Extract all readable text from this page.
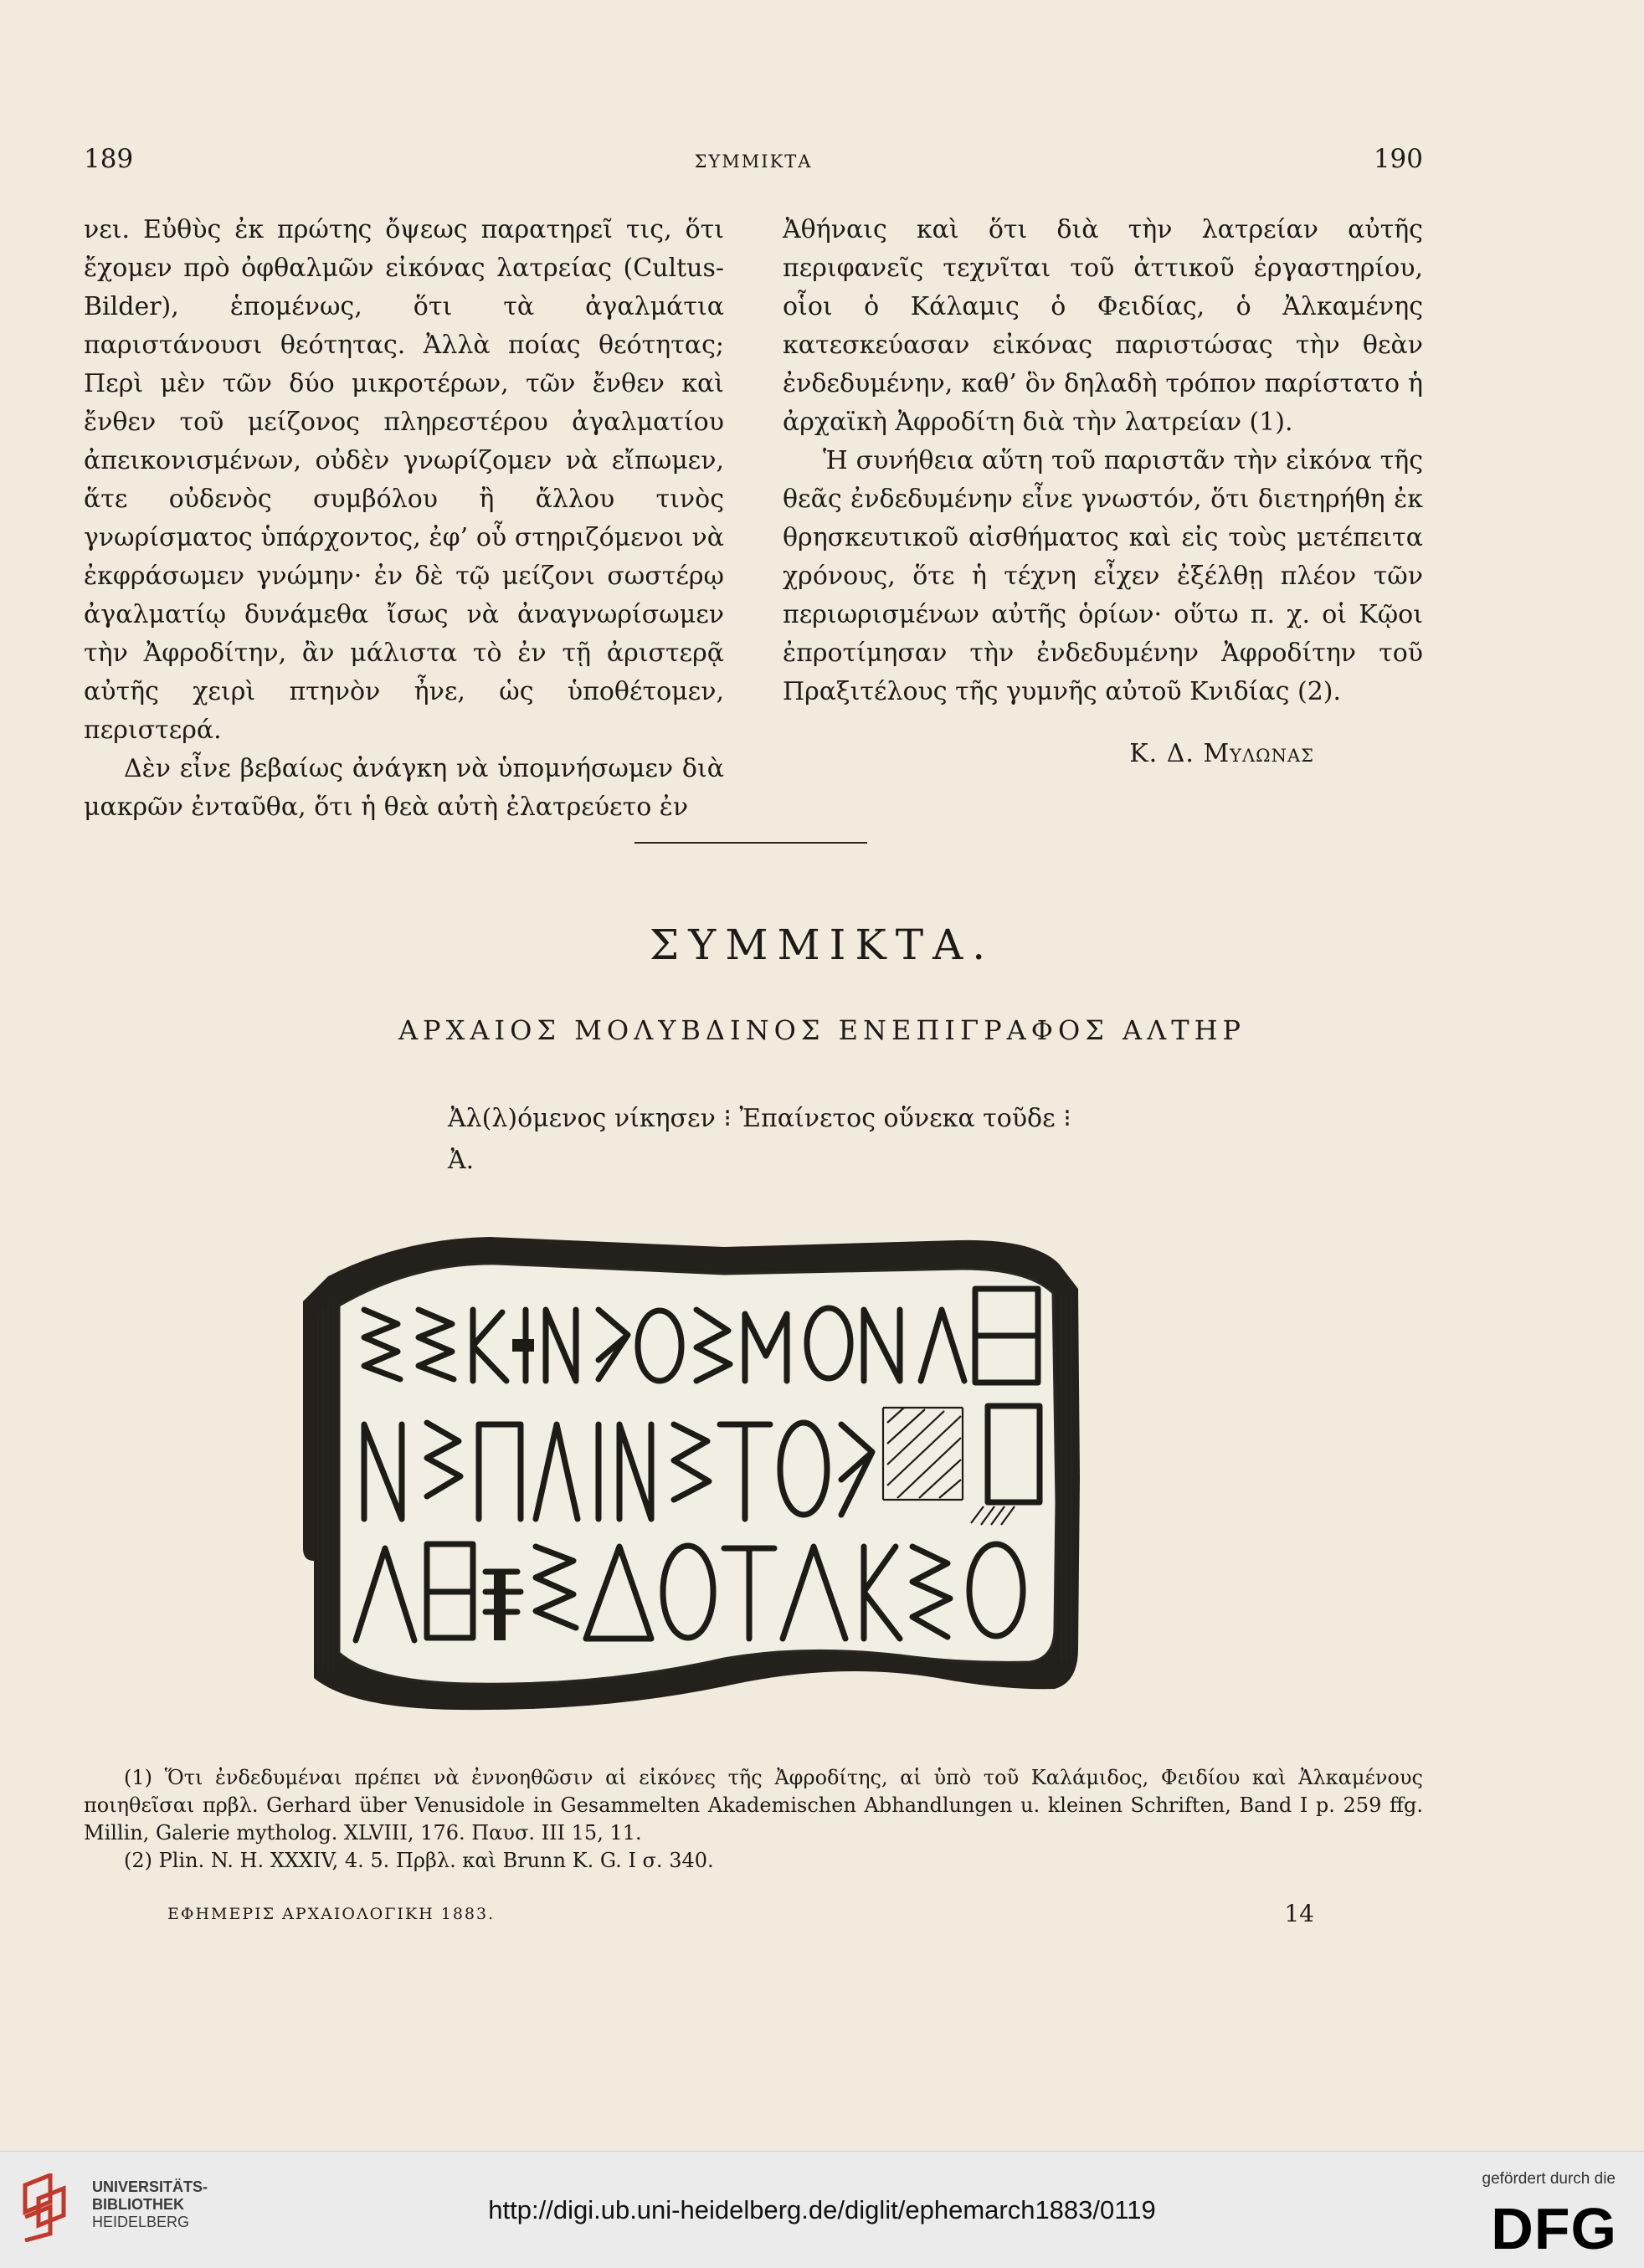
189	ΣΥΜΜΙΚΤΑ	190

νει. Εὐθὺς ἐκ πρώτης ὄψεως παρατηρεῖ τις, ὅτι ἔχομεν πρὸ ὀφθαλμῶν εἰκόνας λατρείας (Cultus-Bilder), ἑπομένως, ὅτι τὰ ἀγαλμάτια παριστάνουσι θεότητας. Ἀλλὰ ποίας θεότητας; Περὶ μὲν τῶν δύο μικροτέρων, τῶν ἔνθεν καὶ ἔνθεν τοῦ μείζονος πληρεστέρου ἀγαλματίου ἀπεικονισμένων, οὐδὲν γνωρίζομεν νὰ εἴπωμεν, ἅτε οὐδενὸς συμβόλου ἢ ἄλλου τινὸς γνωρίσματος ὑπάρχοντος, ἐφ’ οὗ στηριζόμενοι νὰ ἐκφράσωμεν γνώμην· ἐν δὲ τῷ μείζονι σωστέρῳ ἀγαλματίῳ δυνάμεθα ἴσως νὰ ἀναγνωρίσωμεν τὴν Ἀφροδίτην, ἂν μάλιστα τὸ ἐν τῇ ἀριστερᾷ αὐτῆς χειρὶ πτηνὸν ἦνε, ὡς ὑποθέτομεν, περιστερά.

Δὲν εἶνε βεβαίως ἀνάγκη νὰ ὑπομνήσωμεν διὰ μακρῶν ἐνταῦθα, ὅτι ἡ θεὰ αὐτὴ ἐλατρεύετο ἐν

Ἀθήναις καὶ ὅτι διὰ τὴν λατρείαν αὐτῆς περιφανεῖς τεχνῖται τοῦ ἀττικοῦ ἐργαστηρίου, οἷοι ὁ Κάλαμις ὁ Φειδίας, ὁ Ἀλκαμένης κατεσκεύασαν εἰκόνας παριστώσας τὴν θεὰν ἐνδεδυμένην, καθ’ ὃν δηλαδὴ τρόπον παρίστατο ἡ ἀρχαϊκὴ Ἀφροδίτη διὰ τὴν λατρείαν (1).

Ἡ συνήθεια αὕτη τοῦ παριστᾶν τὴν εἰκόνα τῆς θεᾶς ἐνδεδυμένην εἶνε γνωστόν, ὅτι διετηρήθη ἐκ θρησκευτικοῦ αἰσθήματος καὶ εἰς τοὺς μετέπειτα χρόνους, ὅτε ἡ τέχνη εἶχεν ἐξέλθῃ πλέον τῶν περιωρισμένων αὐτῆς ὁρίων· οὕτω π. χ. οἱ Κῷοι ἐπροτίμησαν τὴν ἐνδεδυμένην Ἀφροδίτην τοῦ Πραξιτέλους τῆς γυμνῆς αὐτοῦ Κνιδίας (2).

Κ. Δ. Μυλωνας

ΣΥΜΜΙΚΤΑ.
ΑΡΧΑΙΟΣ ΜΟΛΥΒΔΙΝΟΣ ΕΝΕΠΙΓΡΑΦΟΣ ΑΛΤΗΡ
Ἀλ(λ)όμενος νίκησεν ⁝ Ἐπαίνετος οὕνεκα τοῦδε ⁝
Ἀ.

(1) Ὅτι ἐνδεδυμέναι πρέπει νὰ ἐννοηθῶσιν αἱ εἰκόνες τῆς Ἀφροδίτης, αἱ ὑπὸ τοῦ Καλάμιδος, Φειδίου καὶ Ἀλκαμένους ποιηθεῖσαι πρβλ. Gerhard über Venusidole in Gesammelten Akademischen Abhandlungen u. kleinen Schriften, Band I p. 259 ffg. Millin, Galerie mytholog. XLVIII, 176. Παυσ. III 15, 11.

(2) Plin. N. H. XXXIV, 4. 5. Πρβλ. καὶ Brunn K. G. I σ. 340.

ΕΦΗΜΕΡΙΣ ΑΡΧΑΙΟΛΟΓΙΚΗ 1883.	14
UNIVERSITÄTS-
BIBLIOTHEK
HEIDELBERG	http://digi.ub.uni-heidelberg.de/diglit/ephemarch1883/0119
gefördert durch die
DFG
